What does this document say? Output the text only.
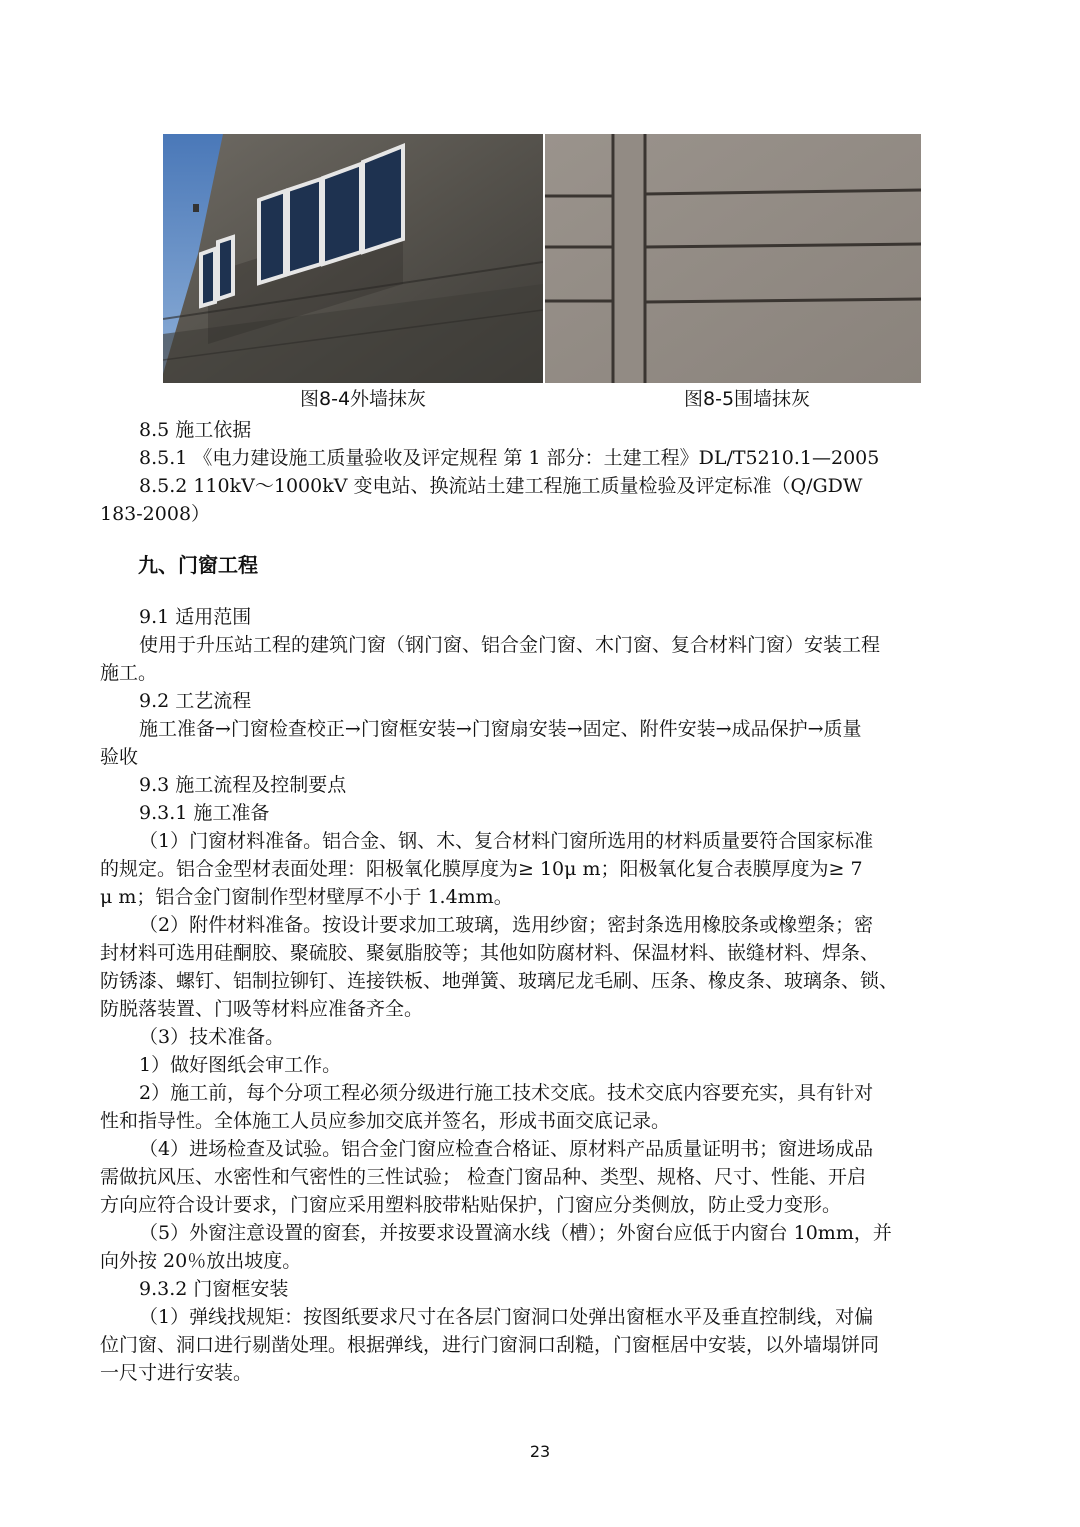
图8-4外墙抹灰	图8-5围墙抹灰
8.5 施工依据
8.5.1 《电力建设施工质量验收及评定规程 第 1 部分：土建工程》DL/T5210.1—2005
8.5.2 110kV～1000kV 变电站、换流站土建工程施工质量检验及评定标准（Q/GDW
183-2008）
九、门窗工程
9.1 适用范围
使用于升压站工程的建筑门窗（钢门窗、铝合金门窗、木门窗、复合材料门窗）安装工程
施工。
9.2 工艺流程
施工准备→门窗检查校正→门窗框安装→门窗扇安装→固定、附件安装→成品保护→质量
验收
9.3 施工流程及控制要点
9.3.1 施工准备
（1）门窗材料准备。铝合金、钢、木、复合材料门窗所选用的材料质量要符合国家标准
的规定。铝合金型材表面处理：阳极氧化膜厚度为≥ 10μ m；阳极氧化复合表膜厚度为≥ 7
μ m；铝合金门窗制作型材壁厚不小于 1.4mm。
（2）附件材料准备。按设计要求加工玻璃，选用纱窗；密封条选用橡胶条或橡塑条；密
封材料可选用硅酮胶、聚硫胶、聚氨脂胶等；其他如防腐材料、保温材料、嵌缝材料、焊条、
防锈漆、螺钉、铝制拉铆钉、连接铁板、地弹簧、玻璃尼龙毛刷、压条、橡皮条、玻璃条、锁、
防脱落装置、门吸等材料应准备齐全。
（3）技术准备。
1）做好图纸会审工作。
2）施工前，每个分项工程必须分级进行施工技术交底。技术交底内容要充实，具有针对
性和指导性。全体施工人员应参加交底并签名，形成书面交底记录。
（4）进场检查及试验。铝合金门窗应检查合格证、原材料产品质量证明书；窗进场成品
需做抗风压、水密性和气密性的三性试验； 检查门窗品种、类型、规格、尺寸、性能、开启
方向应符合设计要求，门窗应采用塑料胶带粘贴保护，门窗应分类侧放，防止受力变形。
（5）外窗注意设置的窗套，并按要求设置滴水线（槽）；外窗台应低于内窗台 10mm，并
向外按 20％放出坡度。
9.3.2 门窗框安装
（1）弹线找规矩：按图纸要求尺寸在各层门窗洞口处弹出窗框水平及垂直控制线，对偏
位门窗、洞口进行剔凿处理。根据弹线，进行门窗洞口刮糙，门窗框居中安装，以外墙塌饼同
一尺寸进行安装。
23
